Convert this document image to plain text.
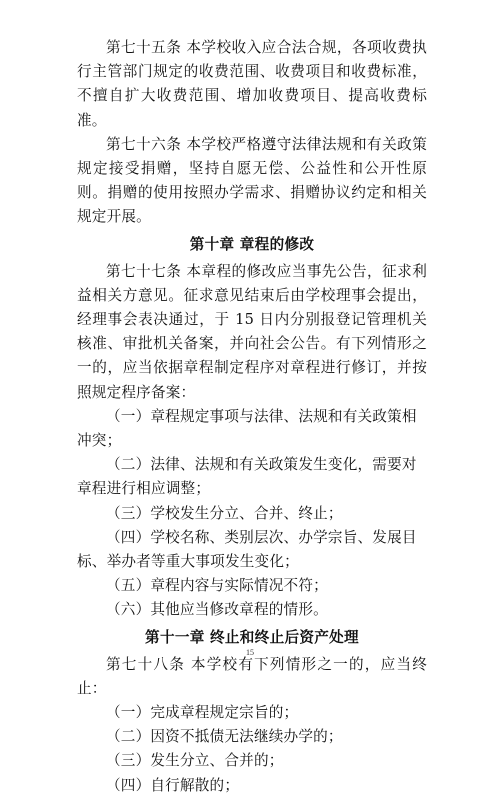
第七十五条 本学校收入应合法合规，各项收费执行主管部门规定的收费范围、收费项目和收费标准，不擅自扩大收费范围、增加收费项目、提高收费标准。

第七十六条 本学校严格遵守法律法规和有关政策规定接受捐赠，坚持自愿无偿、公益性和公开性原则。捐赠的使用按照办学需求、捐赠协议约定和相关规定开展。

第十章 章程的修改

第七十七条 本章程的修改应当事先公告，征求利益相关方意见。征求意见结束后由学校理事会提出，经理事会表决通过，于 15 日内分别报登记管理机关核准、审批机关备案，并向社会公告。有下列情形之一的，应当依据章程制定程序对章程进行修订，并按照规定程序备案：

（一）章程规定事项与法律、法规和有关政策相冲突；

（二）法律、法规和有关政策发生变化，需要对章程进行相应调整；

（三）学校发生分立、合并、终止；

（四）学校名称、类别层次、办学宗旨、发展目标、举办者等重大事项发生变化；

（五）章程内容与实际情况不符；

（六）其他应当修改章程的情形。

第十一章 终止和终止后资产处理

第七十八条 本学校有下列情形之一的，应当终止：

（一）完成章程规定宗旨的；

（二）因资不抵债无法继续办学的；

（三）发生分立、合并的；

（四）自行解散的；

15
